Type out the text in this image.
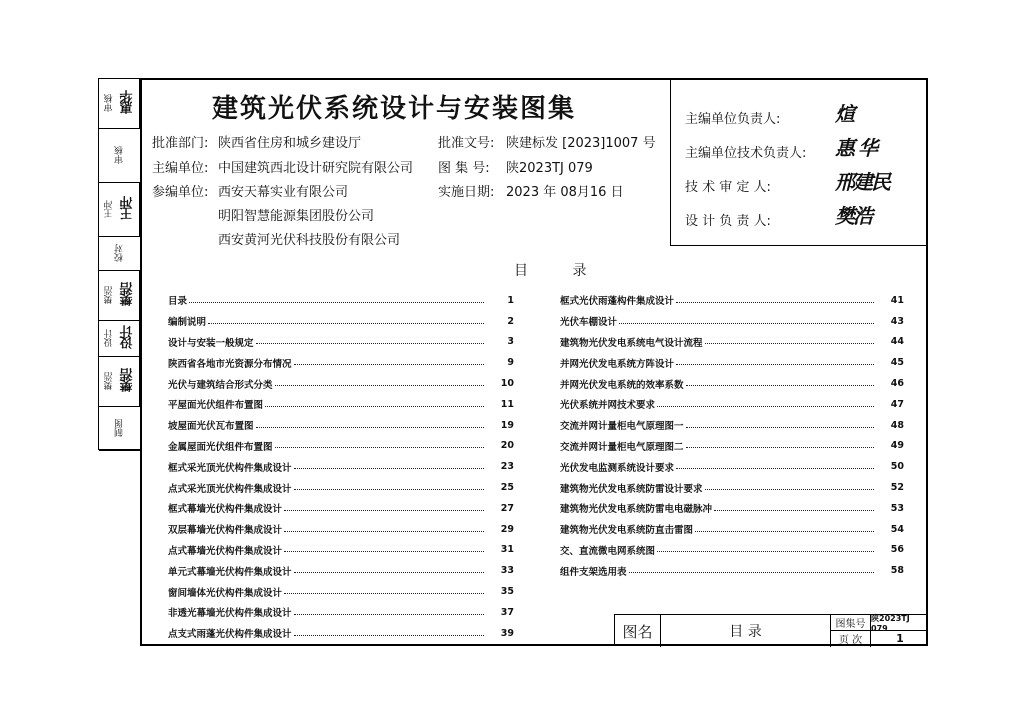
审核 惠华
审核
王冲 王冲
校对
樊浩 樊浩
设计 设计
樊浩 樊浩
制图
建筑光伏系统设计与安装图集
批准部门: 陕西省住房和城乡建设厅
主编单位: 中国建筑西北设计研究院有限公司
参编单位: 西安天幕实业有限公司
明阳智慧能源集团股份公司
西安黄河光伏科技股份有限公司
批准文号: 陕建标发 [2023]1007 号
图 集 号: 陕2023TJ 079
实施日期: 2023 年 08月16 日
主编单位负责人:	煊
主编单位技术负责人: 惠 华
技 术 审 定 人:	邢建民
设 计 负 责 人:	樊浩
目 录
目录	1
编制说明	2
设计与安装一般规定	3
陕西省各地市光资源分布情况	9
光伏与建筑结合形式分类	10
平屋面光伏组件布置图	11
坡屋面光伏瓦布置图	19
金属屋面光伏组件布置图	20
框式采光顶光伏构件集成设计	23
点式采光顶光伏构件集成设计	25
框式幕墙光伏构件集成设计	27
双层幕墙光伏构件集成设计	29
点式幕墙光伏构件集成设计	31
单元式幕墙光伏构件集成设计	33
窗间墙体光伏构件集成设计	35
非透光幕墙光伏构件集成设计	37
点支式雨蓬光伏构件集成设计	39
框式光伏雨蓬构件集成设计	41
光伏车棚设计	43
建筑物光伏发电系统电气设计流程	44
并网光伏发电系统方阵设计	45
并网光伏发电系统的效率系数	46
光伏系统并网技术要求	47
交流并网计量柜电气原理图一	48
交流并网计量柜电气原理图二	49
光伏发电监测系统设计要求	50
建筑物光伏发电系统防雷设计要求	52
建筑物光伏发电系统防雷电电磁脉冲	53
建筑物光伏发电系统防直击雷图	54
交、直流微电网系统图	56
组件支架选用表	58
图名	目 录	图集号
陕2023TJ 079
页 次	1
